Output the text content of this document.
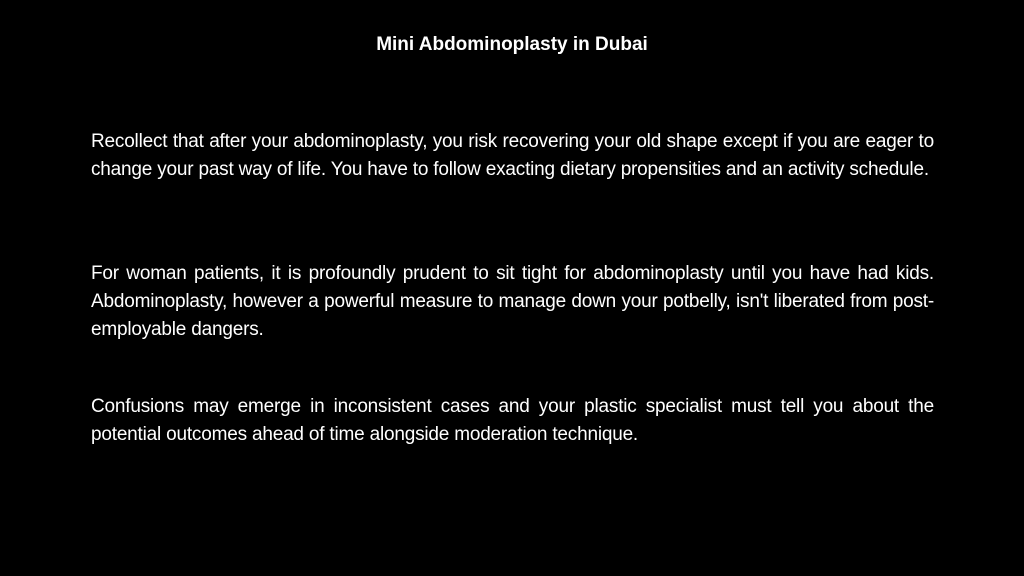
Mini Abdominoplasty in Dubai

Recollect that after your abdominoplasty, you risk recovering your old shape except if you are eager to change your past way of life. You have to follow exacting dietary propensities and an activity schedule.

For woman patients, it is profoundly prudent to sit tight for abdominoplasty until you have had kids. Abdominoplasty, however a powerful measure to manage down your potbelly, isn't liberated from post-employable dangers.

Confusions may emerge in inconsistent cases and your plastic specialist must tell you about the potential outcomes ahead of time alongside moderation technique.
